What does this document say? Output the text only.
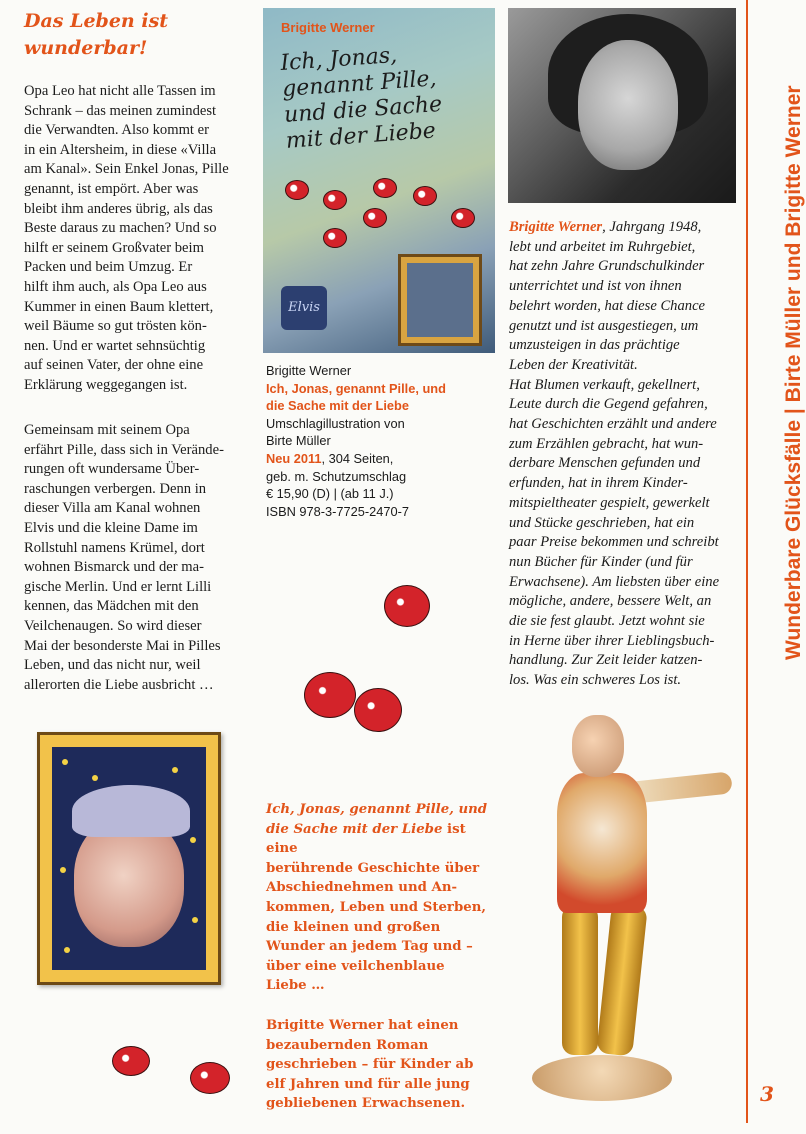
Das Leben ist
wunderbar!
Opa Leo hat nicht alle Tassen im
Schrank – das meinen zumindest
die Verwandten. Also kommt er
in ein Altersheim, in diese «Villa
am Kanal». Sein Enkel Jonas, Pille
genannt, ist empört. Aber was
bleibt ihm anderes übrig, als das
Beste daraus zu machen? Und so
hilft er seinem Großvater beim
Packen und beim Umzug. Er
hilft ihm auch, als Opa Leo aus
Kummer in einen Baum klettert,
weil Bäume so gut trösten kön-
nen. Und er wartet sehnsüchtig
auf seinen Vater, der ohne eine
Erklärung weggegangen ist.
Gemeinsam mit seinem Opa
erfährt Pille, dass sich in Verände-
rungen oft wundersame Über-
raschungen verbergen. Denn in
dieser Villa am Kanal wohnen
Elvis und die kleine Dame im
Rollstuhl namens Krümel, dort
wohnen Bismarck und der ma-
gische Merlin. Und er lernt Lilli
kennen, das Mädchen mit den
Veilchenaugen. So wird dieser
Mai der besonderste Mai in Pilles
Leben, und das nicht nur, weil
allerorten die Liebe ausbricht …
Brigitte Werner
Ich, Jonas,
genannt Pille,
und die Sache
mit der Liebe
Elvis
Brigitte Werner
Ich, Jonas, genannt Pille, und
die Sache mit der Liebe
Umschlagillustration von
Birte Müller
Neu 2011, 304 Seiten,
geb. m. Schutzumschlag
€ 15,90 (D) | (ab 11 J.)
ISBN 978-3-7725-2470-7

Ich, Jonas, genannt Pille, und
die Sache mit der Liebe ist eine
berührende Geschichte über
Abschiednehmen und An-
kommen, Leben und Sterben,
die kleinen und großen
Wunder an jedem Tag und –
über eine veilchenblaue
Liebe …

Brigitte Werner hat einen
bezaubernden Roman
geschrieben – für Kinder ab
elf Jahren und für alle jung
gebliebenen Erwachsenen.

Brigitte Werner, Jahrgang 1948,
lebt und arbeitet im Ruhrgebiet,
hat zehn Jahre Grundschulkinder
unterrichtet und ist von ihnen
belehrt worden, hat diese Chance
genutzt und ist ausgestiegen, um
umzusteigen in das prächtige
Leben der Kreativität.
Hat Blumen verkauft, gekellnert,
Leute durch die Gegend gefahren,
hat Geschichten erzählt und andere
zum Erzählen gebracht, hat wun-
derbare Menschen gefunden und
erfunden, hat in ihrem Kinder-
mitspieltheater gespielt, gewerkelt
und Stücke geschrieben, hat ein
paar Preise bekommen und schreibt
nun Bücher für Kinder (und für
Erwachsene). Am liebsten über eine
mögliche, andere, bessere Welt, an
die sie fest glaubt. Jetzt wohnt sie
in Herne über ihrer Lieblingsbuch-
handlung. Zur Zeit leider katzen-
los. Was ein schweres Los ist.
Wunderbare Glücksfälle | Birte Müller und Brigitte Werner
3
